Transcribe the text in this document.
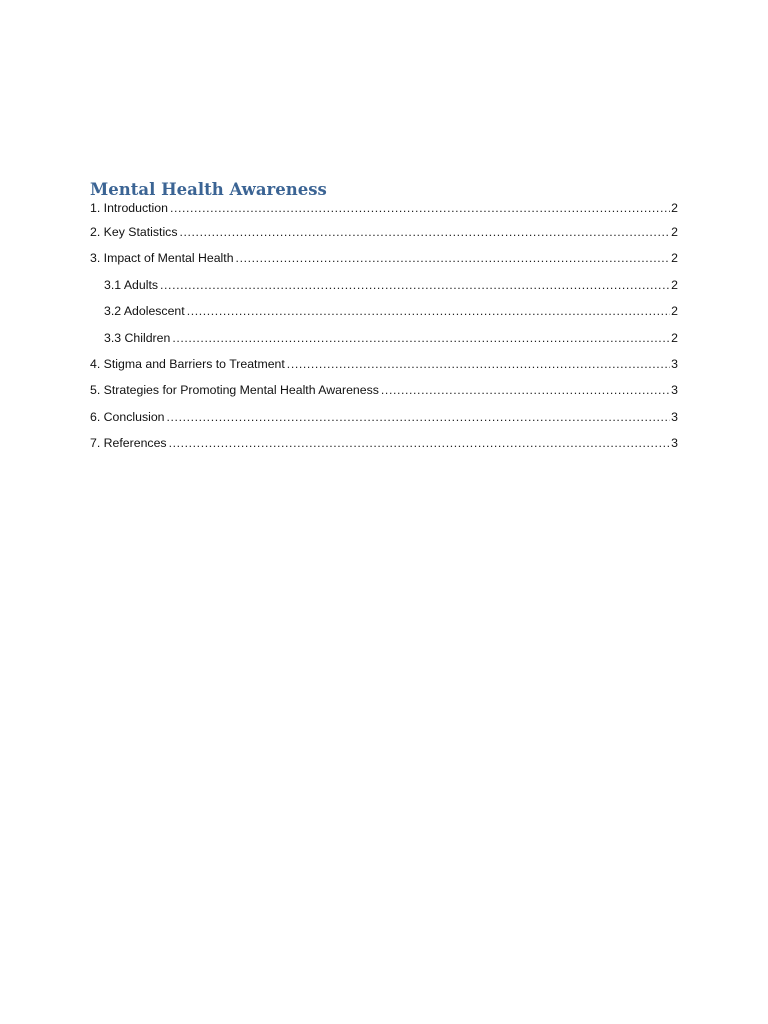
Mental Health Awareness
1. Introduction .....	2
2. Key Statistics .....	2
3. Impact of Mental Health .....	2
3.1 Adults .....	2
3.2 Adolescent .....	2
3.3 Children .....	2
4. Stigma and Barriers to Treatment .....	3
5. Strategies for Promoting Mental Health Awareness .....	3
6. Conclusion .....	3
7. References .....	3
